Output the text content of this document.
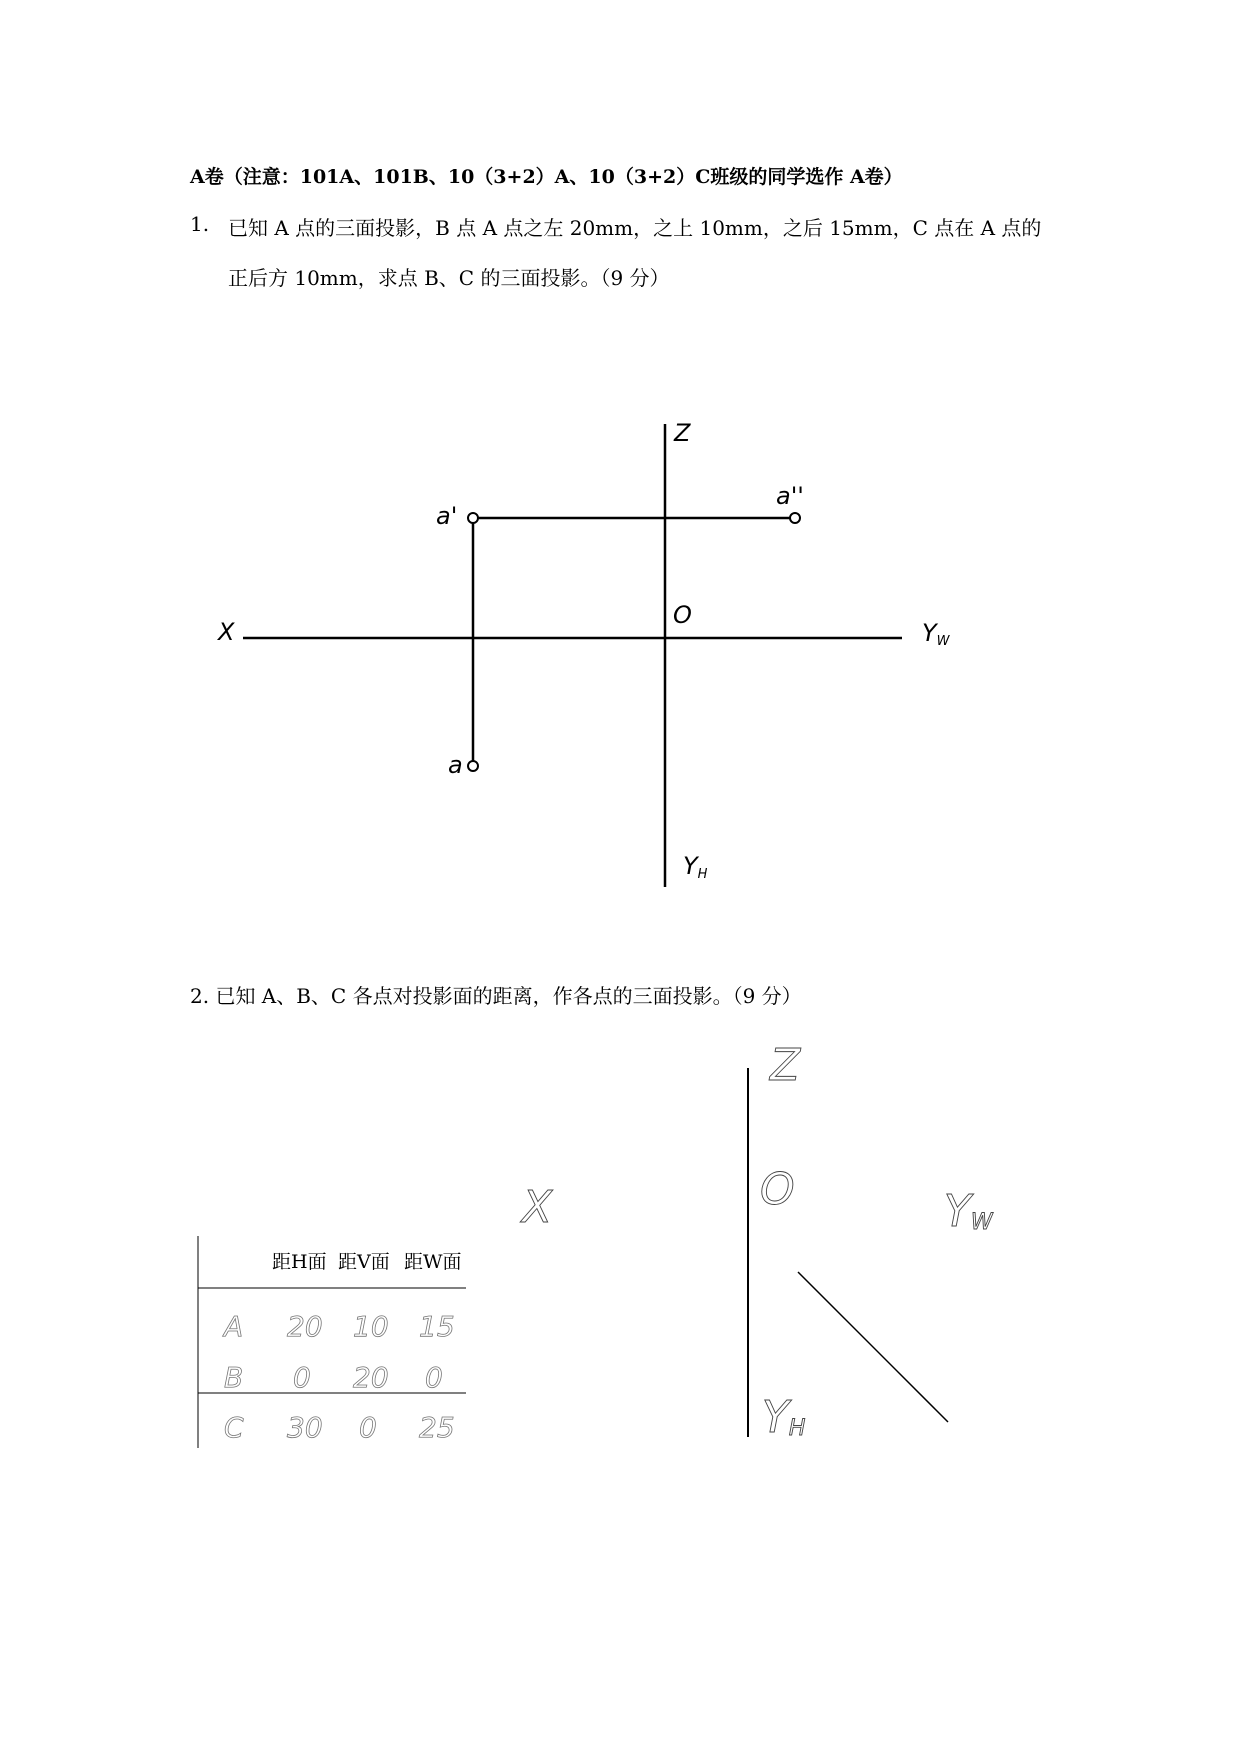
A卷（注意：101A、101B、10（3+2）A、10（3+2）C班级的同学选作 A卷）
1. 已知 A 点的三面投影，B 点 A 点之左 20mm，之上 10mm，之后 15mm，C 点在 A 点的
正后方 10mm，求点 B、C 的三面投影。（9 分）
2. 已知 A、B、C 各点对投影面的距离，作各点的三面投影。（9 分）
Z
X
O
YW
YH
a'
a''
a
Z
X	O	YW
YH
距H面 距V面 距W面
A 20 10 15
B 0 20 0
C 30 0 25
